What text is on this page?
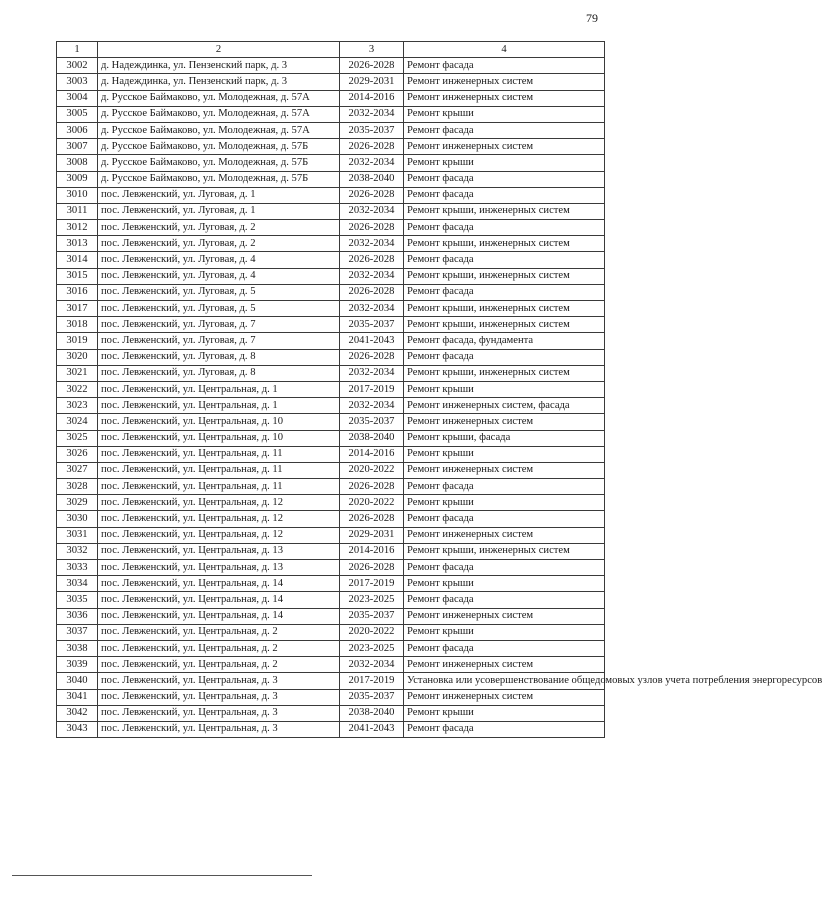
79
1	2	3	4
3002	д. Надеждинка, ул. Пензенский парк, д. 3	2026-2028	Ремонт фасада
3003	д. Надеждинка, ул. Пензенский парк, д. 3	2029-2031	Ремонт инженерных систем
3004	д. Русское Баймаково, ул. Молодежная, д. 57А	2014-2016	Ремонт инженерных систем
3005	д. Русское Баймаково, ул. Молодежная, д. 57А	2032-2034	Ремонт крыши
3006	д. Русское Баймаково, ул. Молодежная, д. 57А	2035-2037	Ремонт фасада
3007	д. Русское Баймаково, ул. Молодежная, д. 57Б	2026-2028	Ремонт инженерных систем
3008	д. Русское Баймаково, ул. Молодежная, д. 57Б	2032-2034	Ремонт крыши
3009	д. Русское Баймаково, ул. Молодежная, д. 57Б	2038-2040	Ремонт фасада
3010	пос. Левженский, ул. Луговая, д. 1	2026-2028	Ремонт фасада
3011	пос. Левженский, ул. Луговая, д. 1	2032-2034	Ремонт крыши, инженерных систем
3012	пос. Левженский, ул. Луговая, д. 2	2026-2028	Ремонт фасада
3013	пос. Левженский, ул. Луговая, д. 2	2032-2034	Ремонт крыши, инженерных систем
3014	пос. Левженский, ул. Луговая, д. 4	2026-2028	Ремонт фасада
3015	пос. Левженский, ул. Луговая, д. 4	2032-2034	Ремонт крыши, инженерных систем
3016	пос. Левженский, ул. Луговая, д. 5	2026-2028	Ремонт фасада
3017	пос. Левженский, ул. Луговая, д. 5	2032-2034	Ремонт крыши, инженерных систем
3018	пос. Левженский, ул. Луговая, д. 7	2035-2037	Ремонт крыши, инженерных систем
3019	пос. Левженский, ул. Луговая, д. 7	2041-2043	Ремонт фасада, фундамента
3020	пос. Левженский, ул. Луговая, д. 8	2026-2028	Ремонт фасада
3021	пос. Левженский, ул. Луговая, д. 8	2032-2034	Ремонт крыши, инженерных систем
3022	пос. Левженский, ул. Центральная, д. 1	2017-2019	Ремонт крыши
3023	пос. Левженский, ул. Центральная, д. 1	2032-2034	Ремонт инженерных систем, фасада
3024	пос. Левженский, ул. Центральная, д. 10	2035-2037	Ремонт инженерных систем
3025	пос. Левженский, ул. Центральная, д. 10	2038-2040	Ремонт крыши, фасада
3026	пос. Левженский, ул. Центральная, д. 11	2014-2016	Ремонт крыши
3027	пос. Левженский, ул. Центральная, д. 11	2020-2022	Ремонт инженерных систем
3028	пос. Левженский, ул. Центральная, д. 11	2026-2028	Ремонт фасада
3029	пос. Левженский, ул. Центральная, д. 12	2020-2022	Ремонт крыши
3030	пос. Левженский, ул. Центральная, д. 12	2026-2028	Ремонт фасада
3031	пос. Левженский, ул. Центральная, д. 12	2029-2031	Ремонт инженерных систем
3032	пос. Левженский, ул. Центральная, д. 13	2014-2016	Ремонт крыши, инженерных систем
3033	пос. Левженский, ул. Центральная, д. 13	2026-2028	Ремонт фасада
3034	пос. Левженский, ул. Центральная, д. 14	2017-2019	Ремонт крыши
3035	пос. Левженский, ул. Центральная, д. 14	2023-2025	Ремонт фасада
3036	пос. Левженский, ул. Центральная, д. 14	2035-2037	Ремонт инженерных систем
3037	пос. Левженский, ул. Центральная, д. 2	2020-2022	Ремонт крыши
3038	пос. Левженский, ул. Центральная, д. 2	2023-2025	Ремонт фасада
3039	пос. Левженский, ул. Центральная, д. 2	2032-2034	Ремонт инженерных систем
3040	пос. Левженский, ул. Центральная, д. 3	2017-2019	Установка или усовершенствование общедомовых узлов учета потребления энергоресурсов
3041	пос. Левженский, ул. Центральная, д. 3	2035-2037	Ремонт инженерных систем
3042	пос. Левженский, ул. Центральная, д. 3	2038-2040	Ремонт крыши
3043	пос. Левженский, ул. Центральная, д. 3	2041-2043	Ремонт фасада
